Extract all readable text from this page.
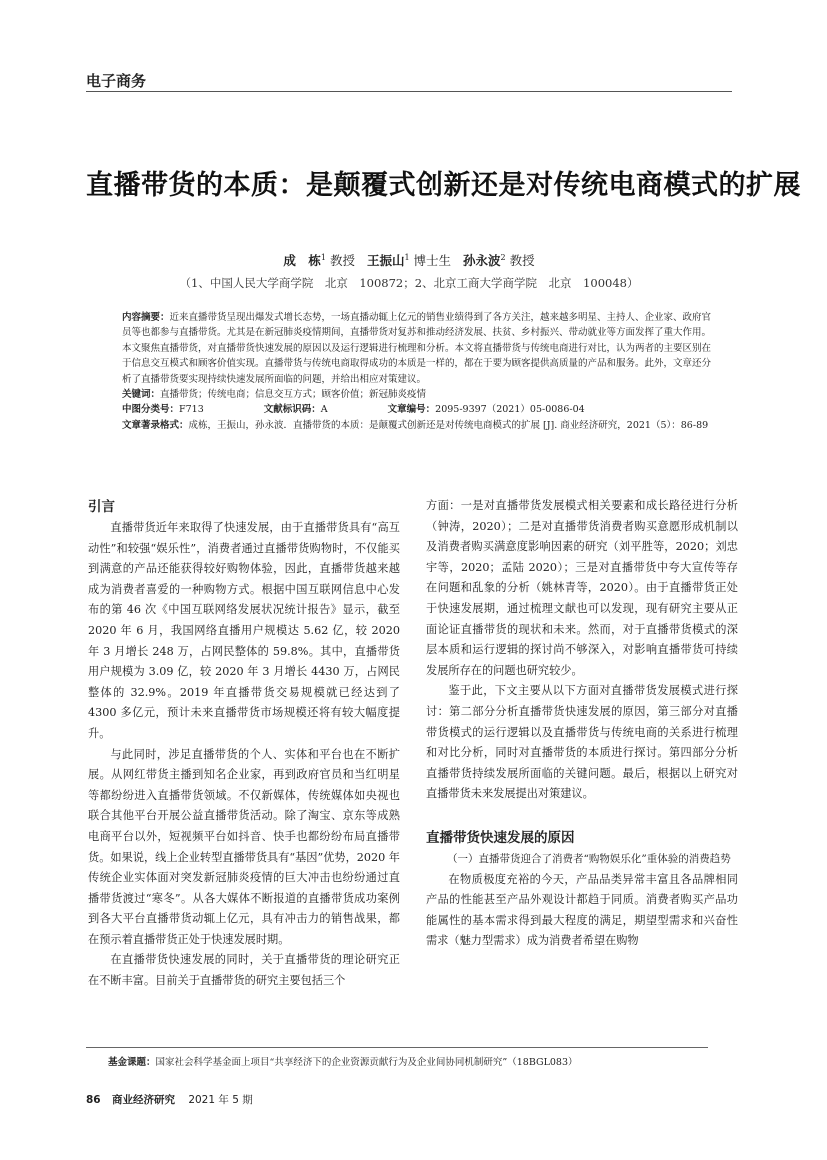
电子商务
直播带货的本质：是颠覆式创新还是对传统电商模式的扩展
成　栋$^1$ 教授 王振山$^1$ 博士生 孙永波$^2$ 教授
（1、中国人民大学商学院　北京　100872；2、北京工商大学商学院　北京　100048）

内容摘要：近来直播带货呈现出爆发式增长态势，一场直播动辄上亿元的销售业绩得到了各方关注，越来越多明星、主持人、企业家、政府官员等也都参与直播带货。尤其是在新冠肺炎疫情期间，直播带货对复苏和推动经济发展、扶贫、乡村振兴、带动就业等方面发挥了重大作用。本文聚焦直播带货，对直播带货快速发展的原因以及运行逻辑进行梳理和分析。本文将直播带货与传统电商进行对比，认为两者的主要区别在于信息交互模式和顾客价值实现。直播带货与传统电商取得成功的本质是一样的，都在于要为顾客提供高质量的产品和服务。此外，文章还分析了直播带货要实现持续快速发展所面临的问题，并给出相应对策建议。

关键词：直播带货；传统电商；信息交互方式；顾客价值；新冠肺炎疫情

中图分类号：F713	文献标识码：A	文章编号：2095-9397（2021）05-0086-04

文章著录格式：成栋，王振山，孙永波．直播带货的本质：是颠覆式创新还是对传统电商模式的扩展 [J]. 商业经济研究，2021（5）：86-89

引言

直播带货近年来取得了快速发展，由于直播带货具有“高互动性”和较强“娱乐性”，消费者通过直播带货购物时，不仅能买到满意的产品还能获得较好购物体验，因此，直播带货越来越成为消费者喜爱的一种购物方式。根据中国互联网信息中心发布的第 46 次《中国互联网络发展状况统计报告》显示，截至 2020 年 6 月，我国网络直播用户规模达 5.62 亿，较 2020 年 3 月增长 248 万，占网民整体的 59.8%。其中，直播带货用户规模为 3.09 亿，较 2020 年 3 月增长 4430 万，占网民整体的 32.9%。2019 年直播带货交易规模就已经达到了 4300 多亿元，预计未来直播带货市场规模还将有较大幅度提升。

与此同时，涉足直播带货的个人、实体和平台也在不断扩展。从网红带货主播到知名企业家，再到政府官员和当红明星等都纷纷进入直播带货领域。不仅新媒体，传统媒体如央视也联合其他平台开展公益直播带货活动。除了淘宝、京东等成熟电商平台以外，短视频平台如抖音、快手也都纷纷布局直播带货。如果说，线上企业转型直播带货具有“基因”优势，2020 年传统企业实体面对突发新冠肺炎疫情的巨大冲击也纷纷通过直播带货渡过“寒冬”。从各大媒体不断报道的直播带货成功案例到各大平台直播带货动辄上亿元，具有冲击力的销售战果，都在预示着直播带货正处于快速发展时期。

在直播带货快速发展的同时，关于直播带货的理论研究正在不断丰富。目前关于直播带货的研究主要包括三个

方面：一是对直播带货发展模式相关要素和成长路径进行分析（钟涛，2020）；二是对直播带货消费者购买意愿形成机制以及消费者购买满意度影响因素的研究（刘平胜等，2020；刘忠宇等，2020；孟陆 2020）；三是对直播带货中夸大宣传等存在问题和乱象的分析（姚林青等，2020）。由于直播带货正处于快速发展期，通过梳理文献也可以发现，现有研究主要从正面论证直播带货的现状和未来。然而，对于直播带货模式的深层本质和运行逻辑的探讨尚不够深入，对影响直播带货可持续发展所存在的问题也研究较少。

鉴于此，下文主要从以下方面对直播带货发展模式进行探讨：第二部分分析直播带货快速发展的原因，第三部分对直播带货模式的运行逻辑以及直播带货与传统电商的关系进行梳理和对比分析，同时对直播带货的本质进行探讨。第四部分分析直播带货持续发展所面临的关键问题。最后，根据以上研究对直播带货未来发展提出对策建议。

直播带货快速发展的原因

（一）直播带货迎合了消费者“购物娱乐化”重体验的消费趋势

在物质极度充裕的今天，产品品类异常丰富且各品牌相同产品的性能甚至产品外观设计都趋于同质。消费者购买产品功能属性的基本需求得到最大程度的满足，期望型需求和兴奋性需求（魅力型需求）成为消费者希望在购物

基金课题：国家社会科学基金面上项目“共享经济下的企业资源贡献行为及企业间协同机制研究”（18BGL083）
86 商业经济研究 2021 年 5 期
